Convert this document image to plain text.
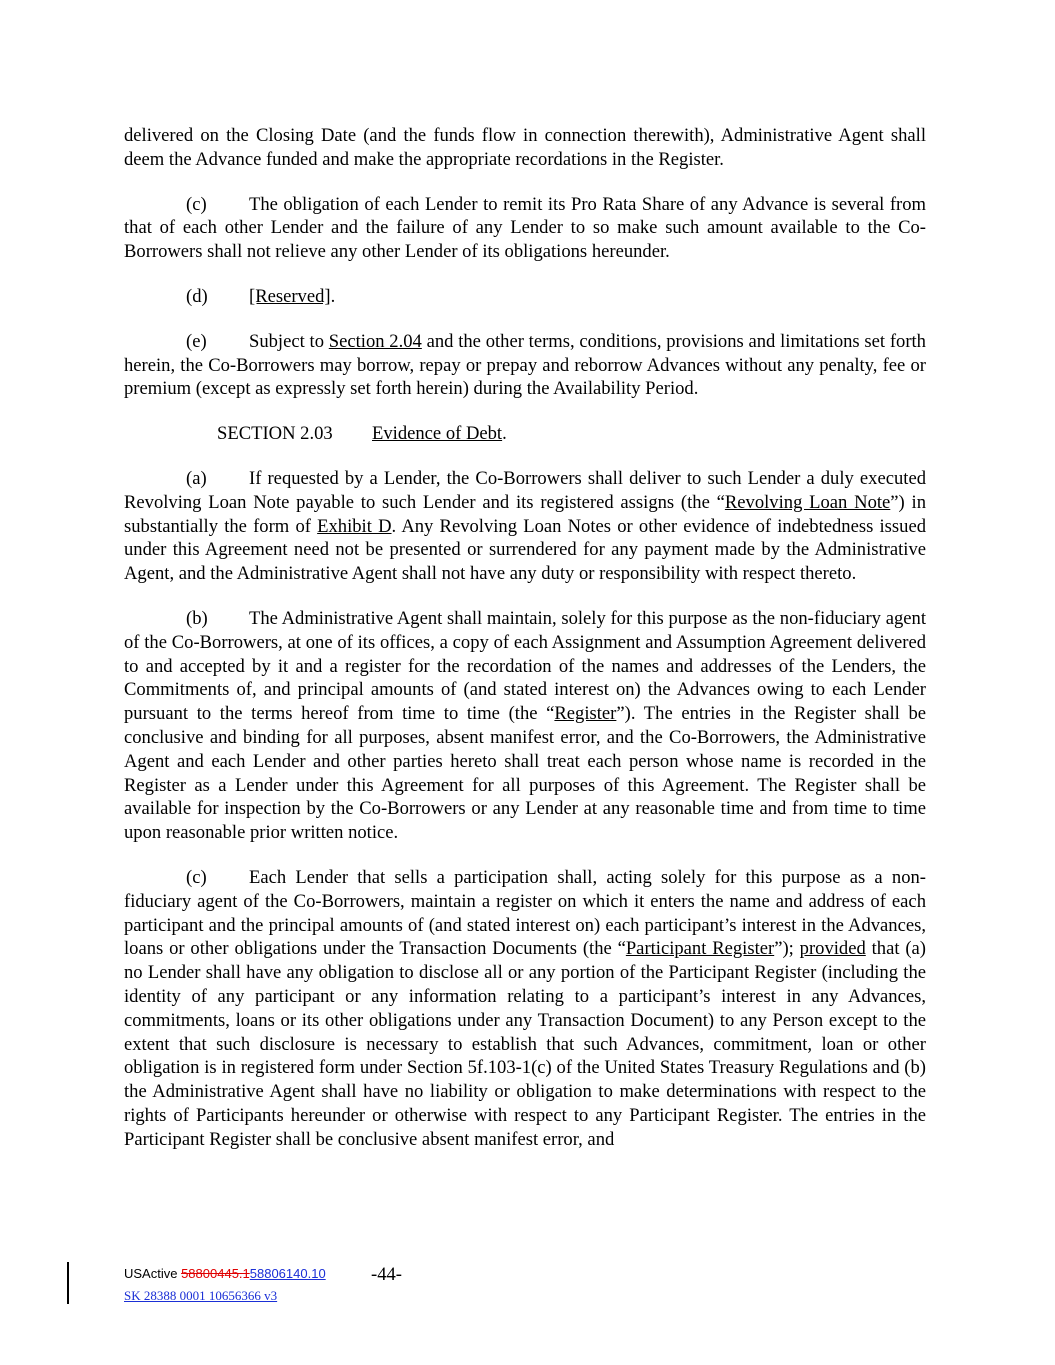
delivered on the Closing Date (and the funds flow in connection therewith), Administrative Agent shall deem the Advance funded and make the appropriate recordations in the Register.

(c) The obligation of each Lender to remit its Pro Rata Share of any Advance is several from that of each other Lender and the failure of any Lender to so make such amount available to the Co- Borrowers shall not relieve any other Lender of its obligations hereunder.

(d) [Reserved].

(e) Subject to Section 2.04 and the other terms, conditions, provisions and limitations set forth herein, the Co-Borrowers may borrow, repay or prepay and reborrow Advances without any penalty, fee or premium (except as expressly set forth herein) during the Availability Period.

SECTION 2.03 Evidence of Debt.

(a) If requested by a Lender, the Co-Borrowers shall deliver to such Lender a duly executed Revolving Loan Note payable to such Lender and its registered assigns (the “Revolving Loan Note”) in substantially the form of Exhibit D. Any Revolving Loan Notes or other evidence of indebtedness issued under this Agreement need not be presented or surrendered for any payment made by the Administrative Agent, and the Administrative Agent shall not have any duty or responsibility with respect thereto.

(b) The Administrative Agent shall maintain, solely for this purpose as the non-fiduciary agent of the Co-Borrowers, at one of its offices, a copy of each Assignment and Assumption Agreement delivered to and accepted by it and a register for the recordation of the names and addresses of the Lenders, the Commitments of, and principal amounts of (and stated interest on) the Advances owing to each Lender pursuant to the terms hereof from time to time (the “Register”). The entries in the Register shall be conclusive and binding for all purposes, absent manifest error, and the Co-Borrowers, the Administrative Agent and each Lender and other parties hereto shall treat each person whose name is recorded in the Register as a Lender under this Agreement for all purposes of this Agreement. The Register shall be available for inspection by the Co-Borrowers or any Lender at any reasonable time and from time to time upon reasonable prior written notice.

(c) Each Lender that sells a participation shall, acting solely for this purpose as a non- fiduciary agent of the Co-Borrowers, maintain a register on which it enters the name and address of each participant and the principal amounts of (and stated interest on) each participant’s interest in the Advances, loans or other obligations under the Transaction Documents (the “Participant Register”); provided that (a) no Lender shall have any obligation to disclose all or any portion of the Participant Register (including the identity of any participant or any information relating to a participant’s interest in any Advances, commitments, loans or its other obligations under any Transaction Document) to any Person except to the extent that such disclosure is necessary to establish that such Advances, commitment, loan or other obligation is in registered form under Section 5f.103-1(c) of the United States Treasury Regulations and (b) the Administrative Agent shall have no liability or obligation to make determinations with respect to the rights of Participants hereunder or otherwise with respect to any Participant Register. The entries in the Participant Register shall be conclusive absent manifest error, and

USActive 58800445.158806140.10 -44-
SK 28388 0001 10656366 v3
